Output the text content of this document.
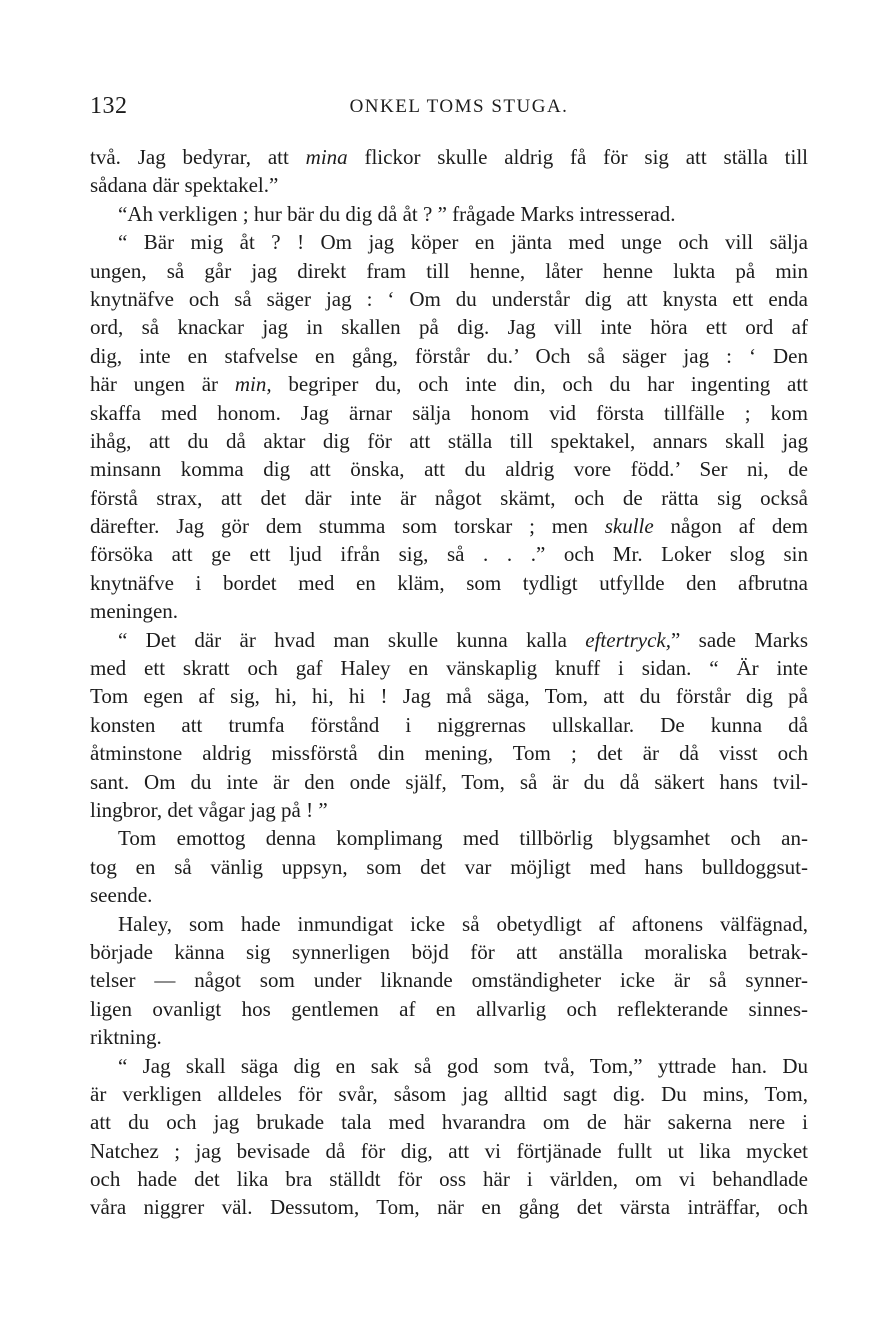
132	ONKEL TOMS STUGA.
två. Jag bedyrar, att mina flickor skulle aldrig få för sig att ställa till
sådana där spektakel.”
“Ah verkligen ; hur bär du dig då åt ? ” frågade Marks intresserad.
“ Bär mig åt ? ! Om jag köper en jänta med unge och vill sälja
ungen, så går jag direkt fram till henne, låter henne lukta på min
knytnäfve och så säger jag : ‘ Om du understår dig att knysta ett enda
ord, så knackar jag in skallen på dig. Jag vill inte höra ett ord af
dig, inte en stafvelse en gång, förstår du.’ Och så säger jag : ‘ Den
här ungen är min, begriper du, och inte din, och du har ingenting att
skaffa med honom. Jag ärnar sälja honom vid första tillfälle ; kom
ihåg, att du då aktar dig för att ställa till spektakel, annars skall jag
minsann komma dig att önska, att du aldrig vore född.’ Ser ni, de
förstå strax, att det där inte är något skämt, och de rätta sig också
därefter. Jag gör dem stumma som torskar ; men skulle någon af dem
försöka att ge ett ljud ifrån sig, så . . .” och Mr. Loker slog sin
knytnäfve i bordet med en kläm, som tydligt utfyllde den afbrutna
meningen.
“ Det där är hvad man skulle kunna kalla eftertryck,” sade Marks
med ett skratt och gaf Haley en vänskaplig knuff i sidan. “ Är inte
Tom egen af sig, hi, hi, hi ! Jag må säga, Tom, att du förstår dig på
konsten att trumfa förstånd i niggrernas ullskallar. De kunna då
åtminstone aldrig missförstå din mening, Tom ; det är då visst och
sant. Om du inte är den onde själf, Tom, så är du då säkert hans tvil-
lingbror, det vågar jag på ! ”
Tom emottog denna komplimang med tillbörlig blygsamhet och an-
tog en så vänlig uppsyn, som det var möjligt med hans bulldoggsut-
seende.
Haley, som hade inmundigat icke så obetydligt af aftonens välfägnad,
började känna sig synnerligen böjd för att anställa moraliska betrak-
telser — något som under liknande omständigheter icke är så synner-
ligen ovanligt hos gentlemen af en allvarlig och reflekterande sinnes-
riktning.
“ Jag skall säga dig en sak så god som två, Tom,” yttrade han. Du
är verkligen alldeles för svår, såsom jag alltid sagt dig. Du mins, Tom,
att du och jag brukade tala med hvarandra om de här sakerna nere i
Natchez ; jag bevisade då för dig, att vi förtjänade fullt ut lika mycket
och hade det lika bra ställdt för oss här i världen, om vi behandlade
våra niggrer väl. Dessutom, Tom, när en gång det värsta inträffar, och
